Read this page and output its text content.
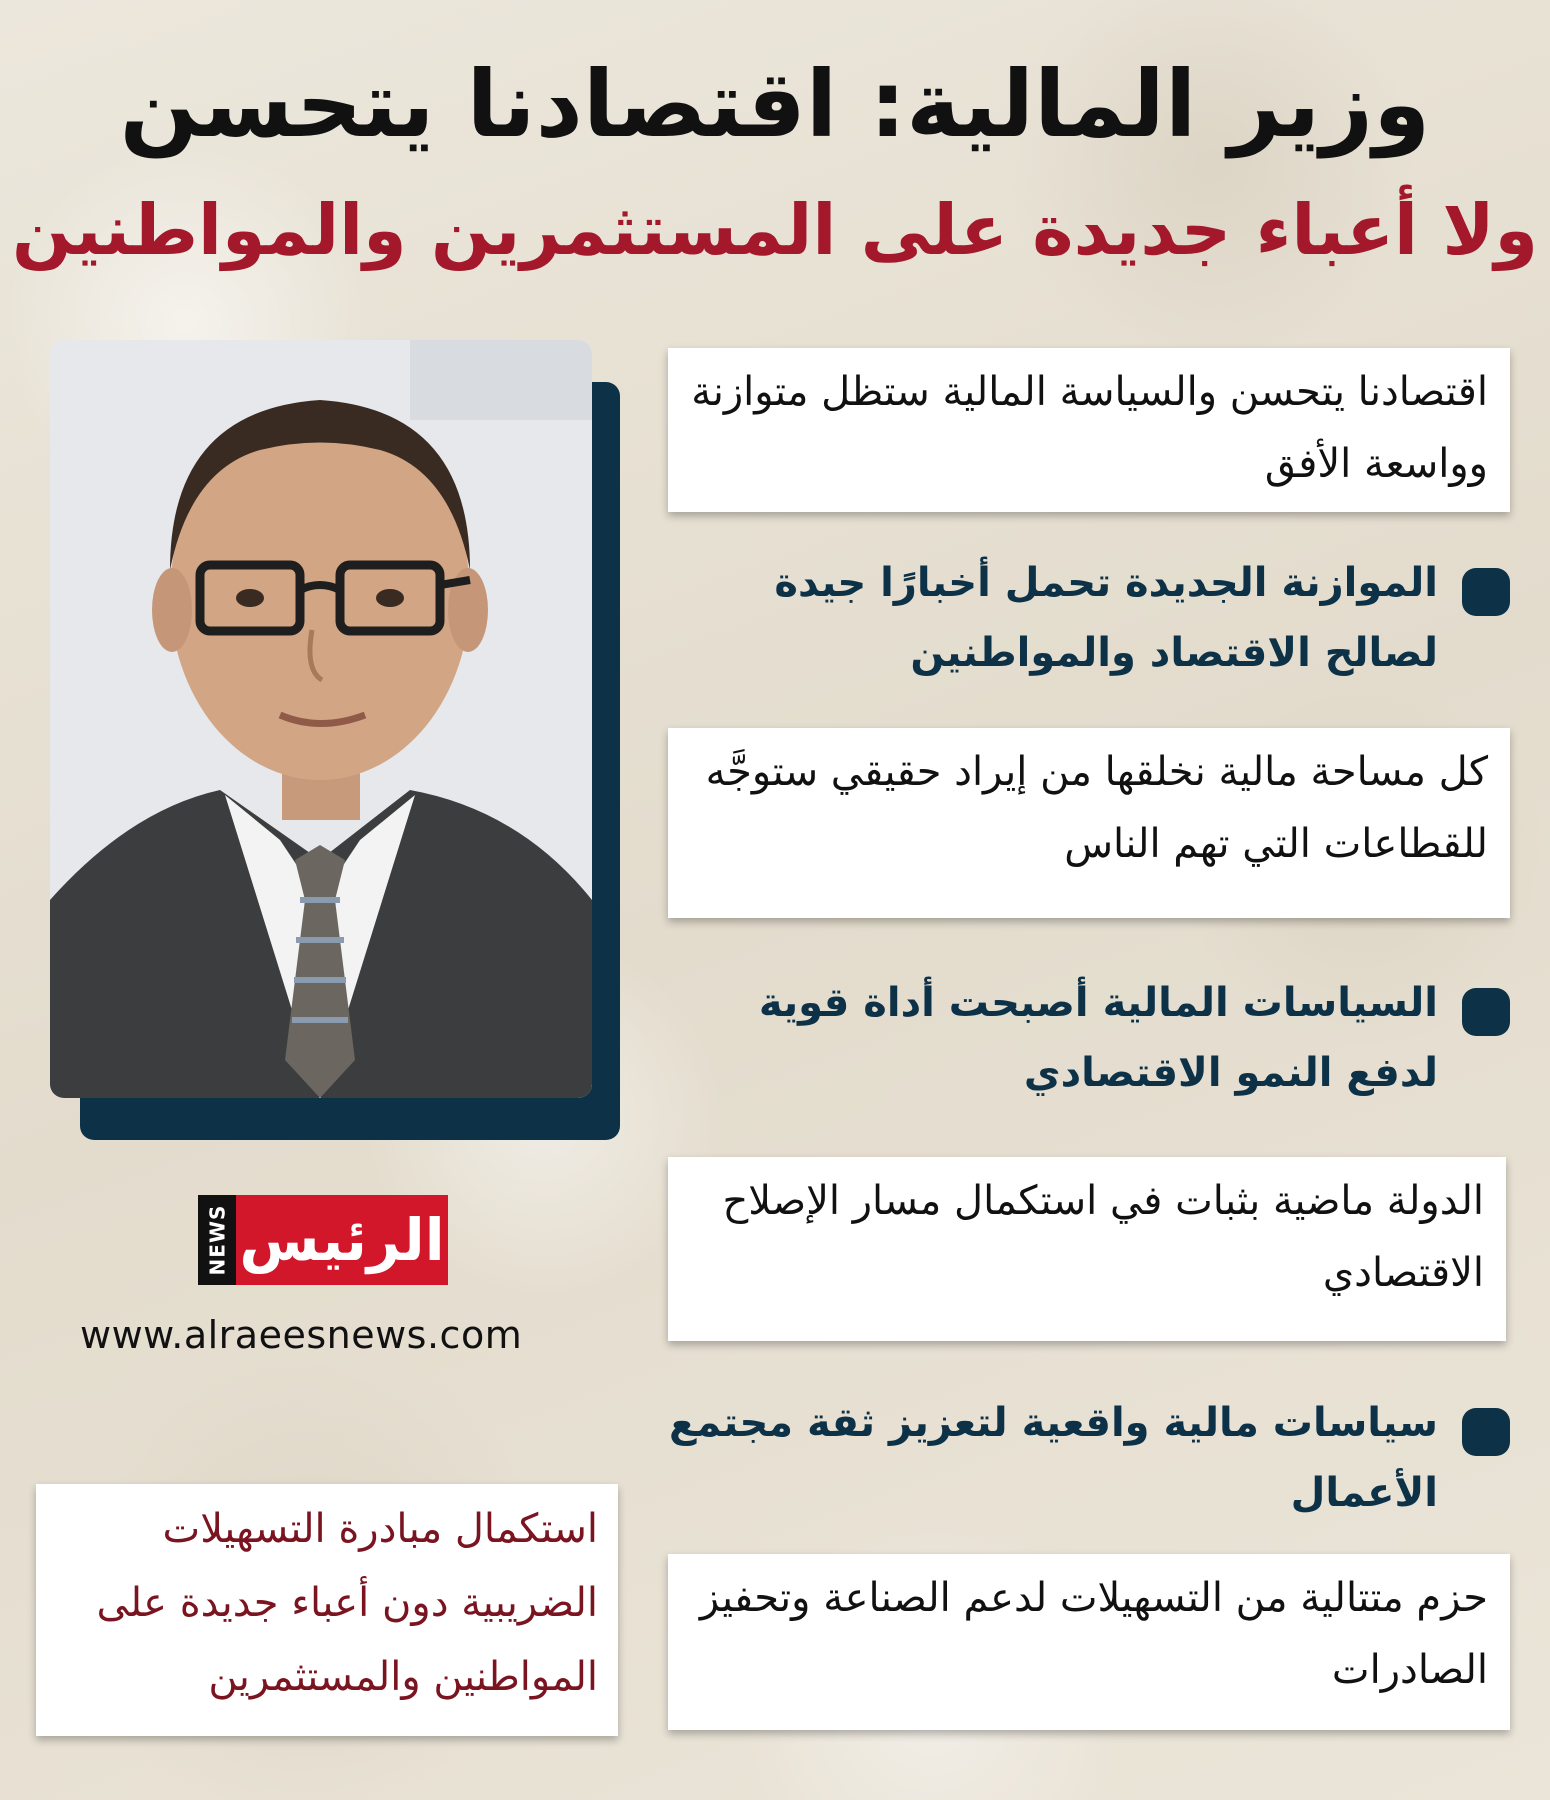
وزير المالية: اقتصادنا يتحسن
ولا أعباء جديدة على المستثمرين والمواطنين
اقتصادنا يتحسن والسياسة المالية ستظل متوازنة وواسعة الأفق
الموازنة الجديدة تحمل أخبارًا جيدة لصالح الاقتصاد والمواطنين
كل مساحة مالية نخلقها من إيراد حقيقي ستوجَّه للقطاعات التي تهم الناس
السياسات المالية أصبحت أداة قوية لدفع النمو الاقتصادي
الدولة ماضية بثبات في استكمال مسار الإصلاح الاقتصادي
سياسات مالية واقعية لتعزيز ثقة مجتمع الأعمال
حزم متتالية من التسهيلات لدعم الصناعة وتحفيز الصادرات
NEWS الرئيس
www.alraeesnews.com
استكمال مبادرة التسهيلات الضريبية دون أعباء جديدة على المواطنين والمستثمرين
